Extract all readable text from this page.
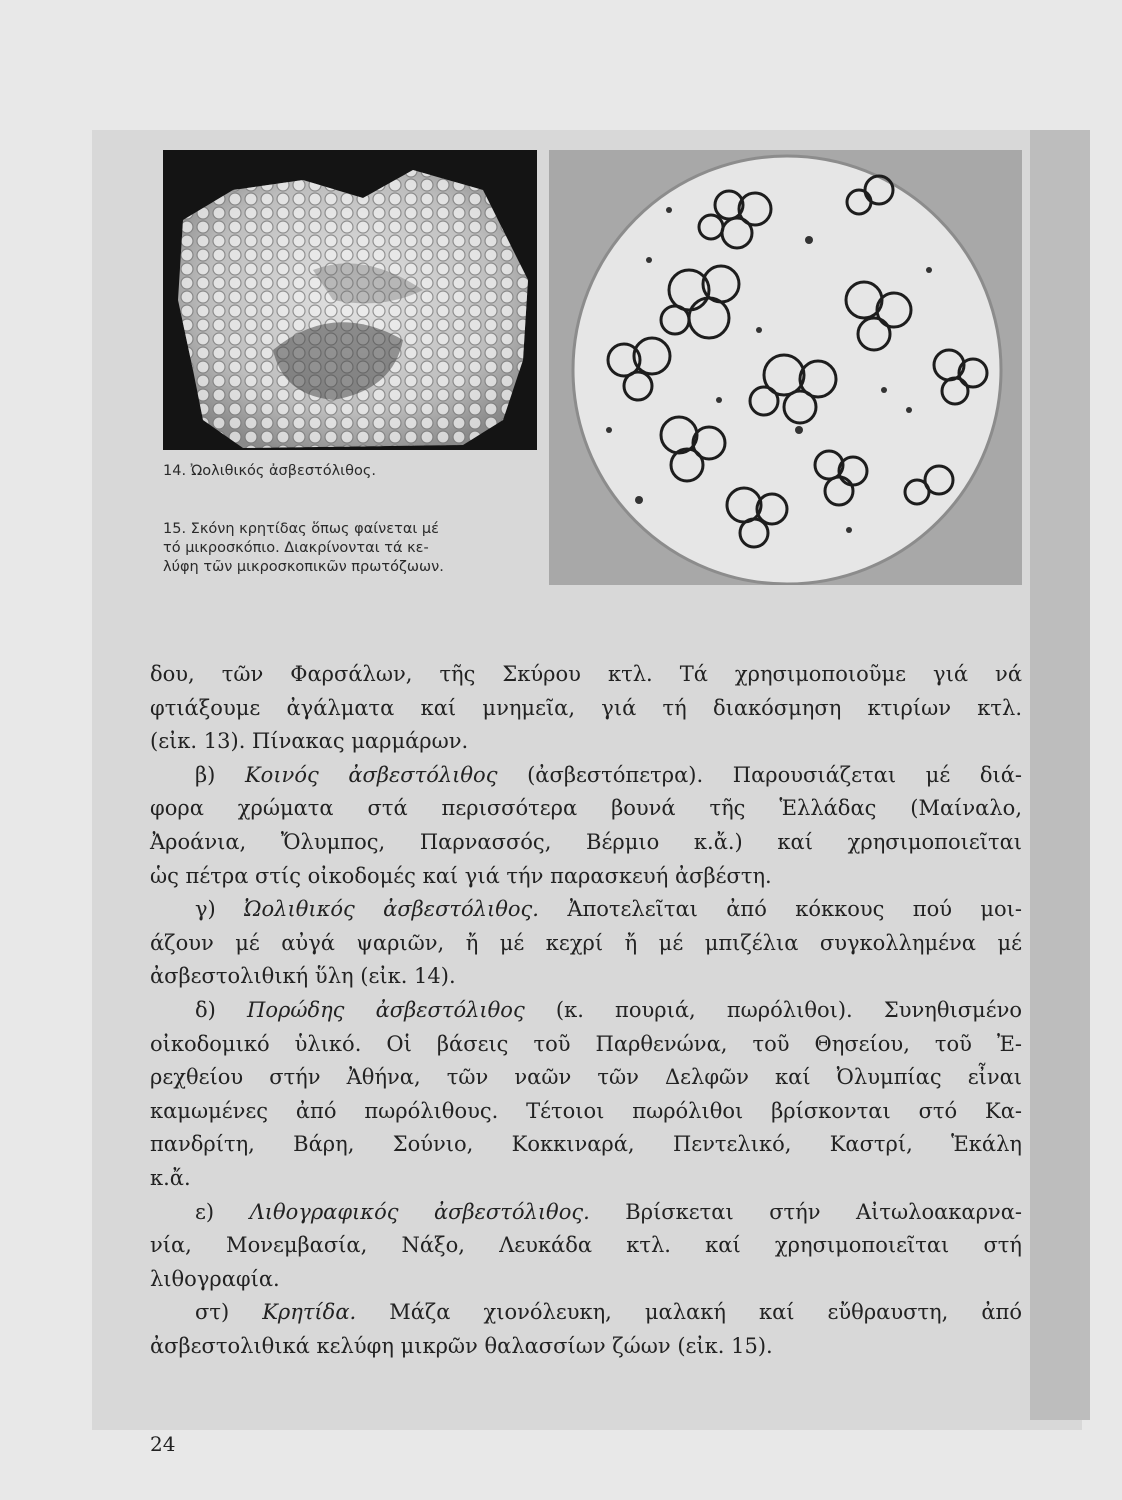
14. Ὠολιθικός ἀσβεστόλιθος.
15. Σκόνη κρητίδας ὅπως φαίνεται μέ
τό μικροσκόπιο. Διακρίνονται τά κε-
λύφη τῶν μικροσκοπικῶν πρωτόζωων.

δου, τῶν Φαρσάλων, τῆς Σκύρου κτλ. Τά χρησιμοποιοῦμε γιά νά
φτιάξουμε ἀγάλματα καί μνημεῖα, γιά τή διακόσμηση κτιρίων κτλ.
(εἰκ. 13). Πίνακας μαρμάρων.

β) Κοινός ἀσβεστόλιθος (ἀσβεστόπετρα). Παρουσιάζεται μέ διά-
φορα χρώματα στά περισσότερα βουνά τῆς Ἑλλάδας (Μαίναλο,
Ἀροάνια, Ὄλυμπος, Παρνασσός, Βέρμιο κ.ἄ.) καί χρησιμοποιεῖται
ὡς πέτρα στίς οἰκοδομές καί γιά τήν παρασκευή ἀσβέστη.

γ) Ὠολιθικός ἀσβεστόλιθος. Ἀποτελεῖται ἀπό κόκκους πού μοι-
άζουν μέ αὐγά ψαριῶν, ἤ μέ κεχρί ἤ μέ μπιζέλια συγκολλημένα μέ
ἀσβεστολιθική ὕλη (εἰκ. 14).

δ) Πορώδης ἀσβεστόλιθος (κ. πουριά, πωρόλιθοι). Συνηθισμένο
οἰκοδομικό ὑλικό. Οἱ βάσεις τοῦ Παρθενώνα, τοῦ Θησείου, τοῦ Ἐ-
ρεχθείου στήν Ἀθήνα, τῶν ναῶν τῶν Δελφῶν καί Ὀλυμπίας εἶναι
καμωμένες ἀπό πωρόλιθους. Τέτοιοι πωρόλιθοι βρίσκονται στό Κα-
πανδρίτη, Βάρη, Σούνιο, Κοκκιναρά, Πεντελικό, Καστρί, Ἑκάλη
κ.ἄ.

ε) Λιθογραφικός ἀσβεστόλιθος. Βρίσκεται στήν Αἰτωλοακαρνα-
νία, Μονεμβασία, Νάξο, Λευκάδα κτλ. καί χρησιμοποιεῖται στή
λιθογραφία.

στ) Κρητίδα. Μάζα χιονόλευκη, μαλακή καί εὔθραυστη, ἀπό
ἀσβεστολιθικά κελύφη μικρῶν θαλασσίων ζώων (εἰκ. 15).

24
